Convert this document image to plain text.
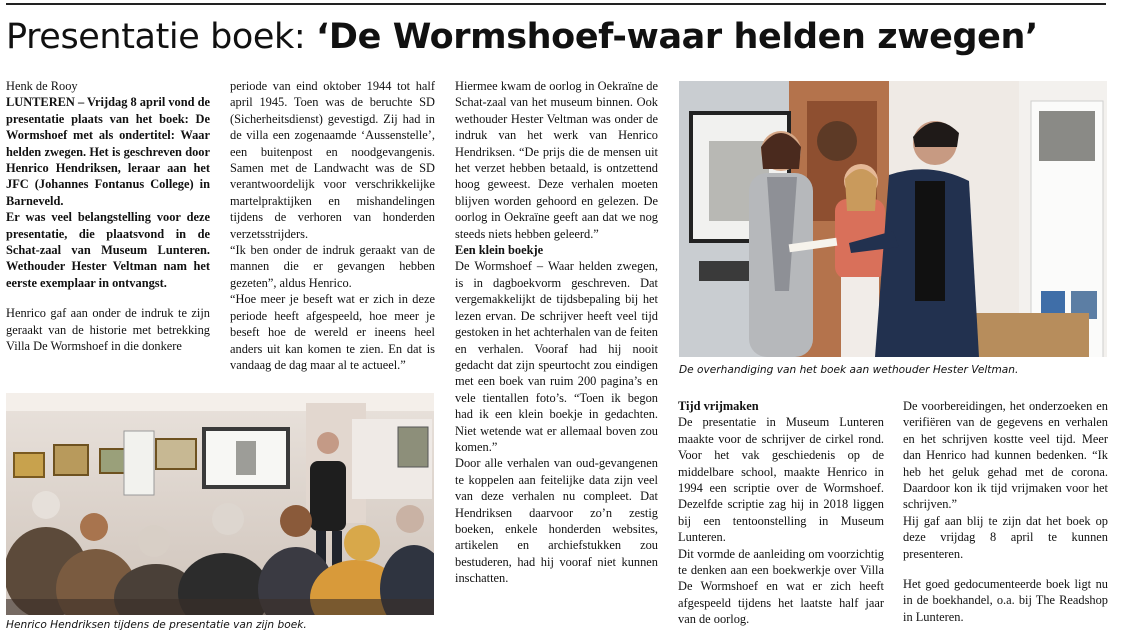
Presentatie boek: ‘De Wormshoef-waar helden zwegen’

Henk de Rooy

LUNTEREN – Vrijdag 8 april vond de presentatie plaats van het boek: De Wormshoef met als ondertitel: Waar helden zwegen. Het is geschreven door Henrico Hendriksen, leraar aan het JFC (Johannes Fontanus College) in Barneveld.

Er was veel belangstelling voor deze presentatie, die plaatsvond in de Schat-zaal van Museum Lunteren. Wethouder Hester Veltman nam het eerste exemplaar in ontvangst.

Henrico gaf aan onder de indruk te zijn geraakt van de historie met betrekking Villa De Wormshoef in die donkere

periode van eind oktober 1944 tot half april 1945. Toen was de beruchte SD (Sicherheitsdienst) gevestigd. Zij had in de villa een zogenaamde ‘Aussenstelle’, een buitenpost en noodgevangenis. Samen met de Landwacht was de SD verantwoordelijk voor verschrikkelijke martelpraktijken en mishandelingen tijdens de verhoren van honderden verzetsstrijders.

“Ik ben onder de indruk geraakt van de mannen die er gevangen hebben gezeten”, aldus Henrico.

“Hoe meer je beseft wat er zich in deze periode heeft afgespeeld, hoe meer je beseft hoe de wereld er ineens heel anders uit kan komen te zien. En dat is vandaag de dag maar al te actueel.”

Hiermee kwam de oorlog in Oekraïne de Schat-zaal van het museum binnen. Ook wethouder Hester Veltman was onder de indruk van het werk van Henrico Hendriksen. “De prijs die de mensen uit het verzet hebben betaald, is ontzettend hoog geweest. Deze verhalen moeten blijven worden gehoord en gelezen. De oorlog in Oekraïne geeft aan dat we nog steeds niets hebben geleerd.”

Een klein boekje

De Wormshoef – Waar helden zwegen, is in dagboekvorm geschreven. Dat vergemakkelijkt de tijdsbepaling bij het lezen ervan. De schrijver heeft veel tijd gestoken in het achterhalen van de feiten en verhalen. Vooraf had hij nooit gedacht dat zijn speurtocht zou eindigen met een boek van ruim 200 pagina’s en vele tientallen foto’s. “Toen ik begon had ik een klein boekje in gedachten. Niet wetende wat er allemaal boven zou komen.”

Door alle verhalen van oud-gevangenen te koppelen aan feitelijke data zijn veel van deze verhalen nu compleet. Dat Hendriksen daarvoor zo’n zestig boeken, enkele honderden websites, artikelen en archiefstukken zou bestuderen, had hij vooraf niet kunnen inschatten.

Tijd vrijmaken

De presentatie in Museum Lunteren maakte voor de schrijver de cirkel rond. Voor het vak geschiedenis op de middelbare school, maakte Henrico in 1994 een scriptie over de Wormshoef. Dezelfde scriptie zag hij in 2018 liggen bij een tentoonstelling in Museum Lunteren.

Dit vormde de aanleiding om voorzichtig te denken aan een boekwerkje over Villa De Wormshoef en wat er zich heeft afgespeeld tijdens het laatste half jaar van de oorlog.

De voorbereidingen, het onderzoeken en verifiëren van de gegevens en verhalen en het schrijven kostte veel tijd. Meer dan Henrico had kunnen bedenken. “Ik heb het geluk gehad met de corona. Daardoor kon ik tijd vrijmaken voor het schrijven.”

Hij gaf aan blij te zijn dat het boek op deze vrijdag 8 april te kunnen presenteren.

Het goed gedocumenteerde boek ligt nu in de boekhandel, o.a. bij The Readshop in Lunteren.

Henrico Hendriksen tijdens de presentatie van zijn boek.
De overhandiging van het boek aan wethouder Hester Veltman.
